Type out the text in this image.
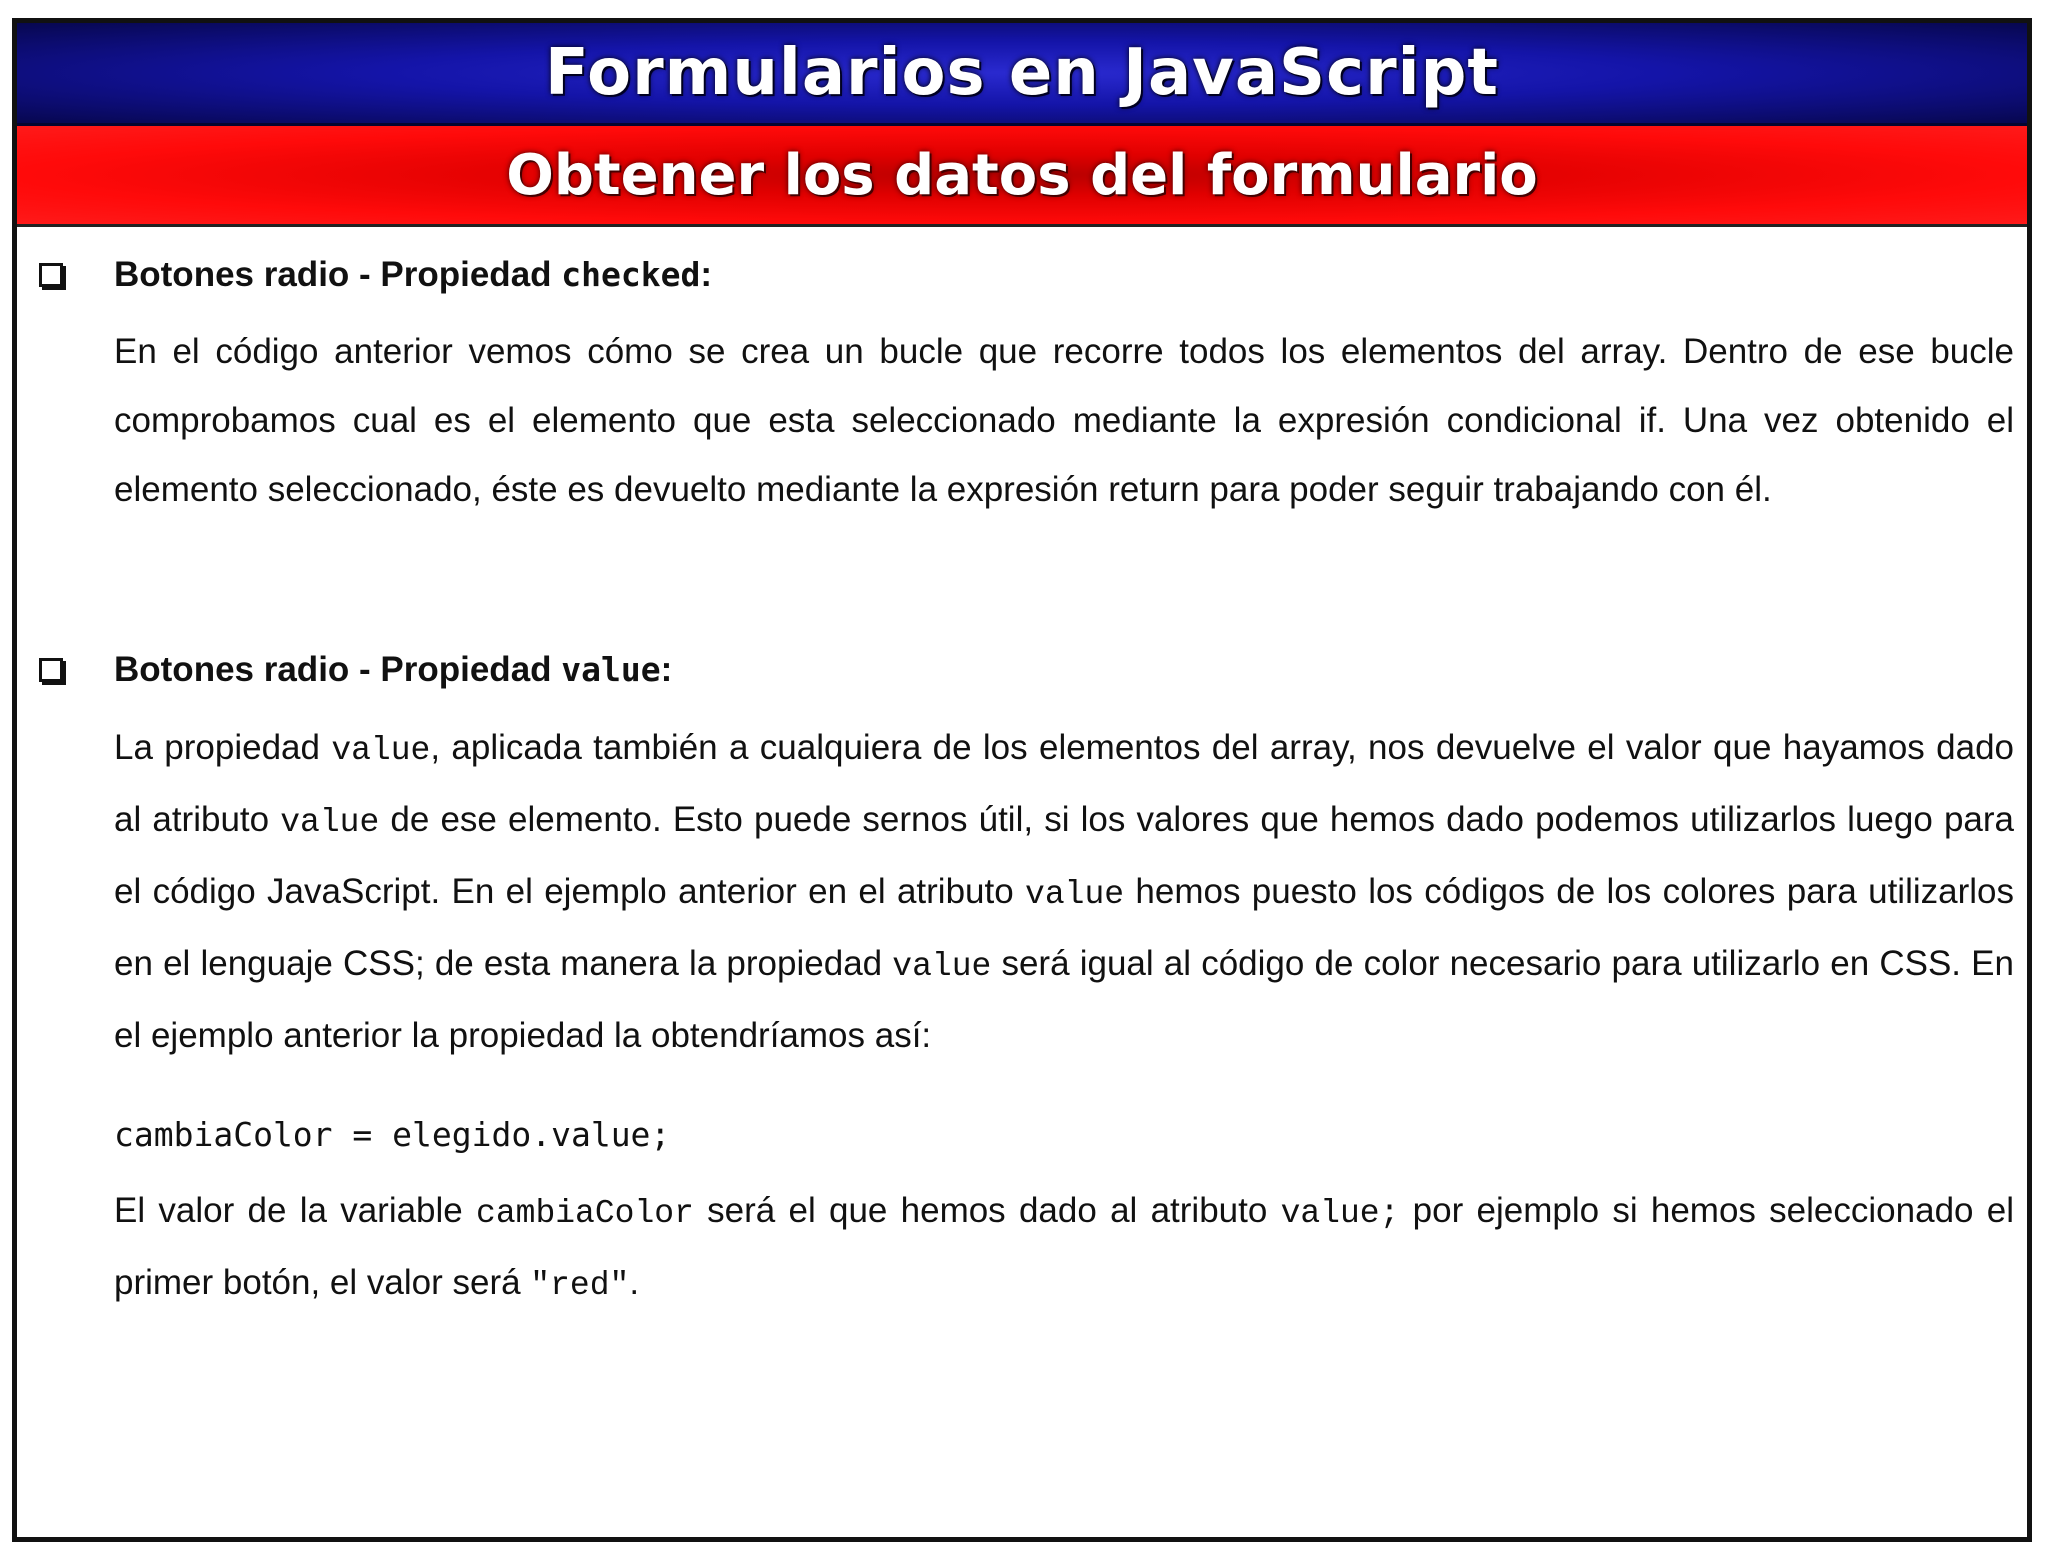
Formularios en JavaScript
Obtener los datos del formulario
Botones radio - Propiedad checked:
En el código anterior vemos cómo se crea un bucle que recorre todos los elementos del array. Dentro de ese bucle comprobamos cual es el elemento que esta seleccionado mediante la expresión condicional if. Una vez obtenido el elemento seleccionado, éste es devuelto mediante la expresión return para poder seguir trabajando con él.
Botones radio - Propiedad value:
La propiedad value, aplicada también a cualquiera de los elementos del array, nos devuelve el valor que hayamos dado al atributo value de ese elemento. Esto puede sernos útil, si los valores que hemos dado podemos utilizarlos luego para el código JavaScript. En el ejemplo anterior en el atributo value hemos puesto los códigos de los colores para utilizarlos en el lenguaje CSS; de esta manera la propiedad value será igual al código de color necesario para utilizarlo en CSS. En el ejemplo anterior la propiedad la obtendríamos así:
cambiaColor = elegido.value;
El valor de la variable cambiaColor será el que hemos dado al atributo value; por ejemplo si hemos seleccionado el primer botón, el valor será "red".
